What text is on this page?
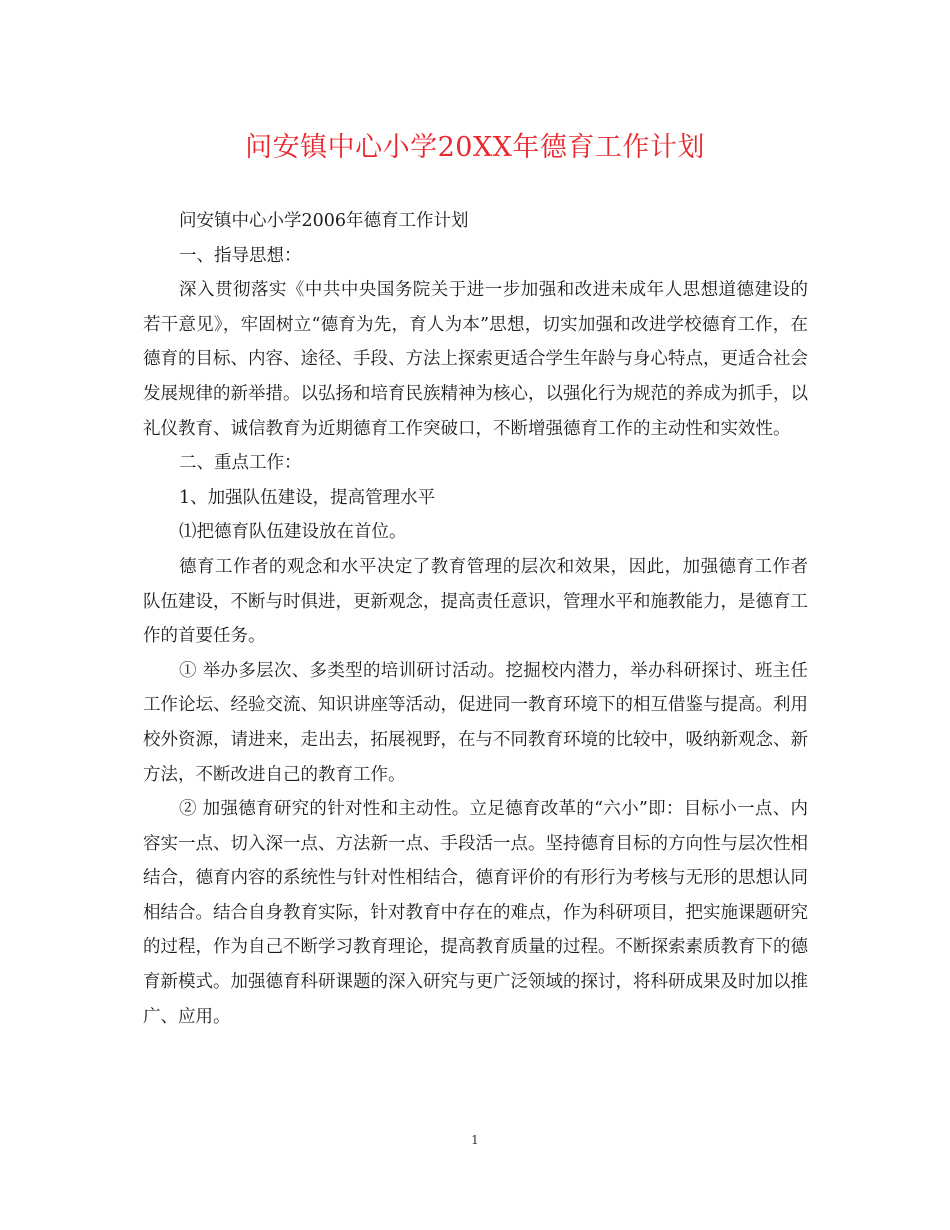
问安镇中心小学20XX年德育工作计划

问安镇中心小学2006年德育工作计划

一、指导思想：

深入贯彻落实《中共中央国务院关于进一步加强和改进未成年人思想道德建设的若干意见》，牢固树立“德育为先，育人为本”思想，切实加强和改进学校德育工作，在德育的目标、内容、途径、手段、方法上探索更适合学生年龄与身心特点，更适合社会发展规律的新举措。以弘扬和培育民族精神为核心，以强化行为规范的养成为抓手，以礼仪教育、诚信教育为近期德育工作突破口，不断增强德育工作的主动性和实效性。

二、重点工作：

1、加强队伍建设，提高管理水平

⑴把德育队伍建设放在首位。

德育工作者的观念和水平决定了教育管理的层次和效果，因此，加强德育工作者队伍建设，不断与时俱进，更新观念，提高责任意识，管理水平和施教能力，是德育工作的首要任务。

① 举办多层次、多类型的培训研讨活动。挖掘校内潜力，举办科研探讨、班主任工作论坛、经验交流、知识讲座等活动，促进同一教育环境下的相互借鉴与提高。利用校外资源，请进来，走出去，拓展视野，在与不同教育环境的比较中，吸纳新观念、新方法，不断改进自己的教育工作。

② 加强德育研究的针对性和主动性。立足德育改革的“六小”即：目标小一点、内容实一点、切入深一点、方法新一点、手段活一点。坚持德育目标的方向性与层次性相结合，德育内容的系统性与针对性相结合，德育评价的有形行为考核与无形的思想认同相结合。结合自身教育实际，针对教育中存在的难点，作为科研项目，把实施课题研究的过程，作为自己不断学习教育理论，提高教育质量的过程。不断探索素质教育下的德育新模式。加强德育科研课题的深入研究与更广泛领域的探讨，将科研成果及时加以推广、应用。

1
